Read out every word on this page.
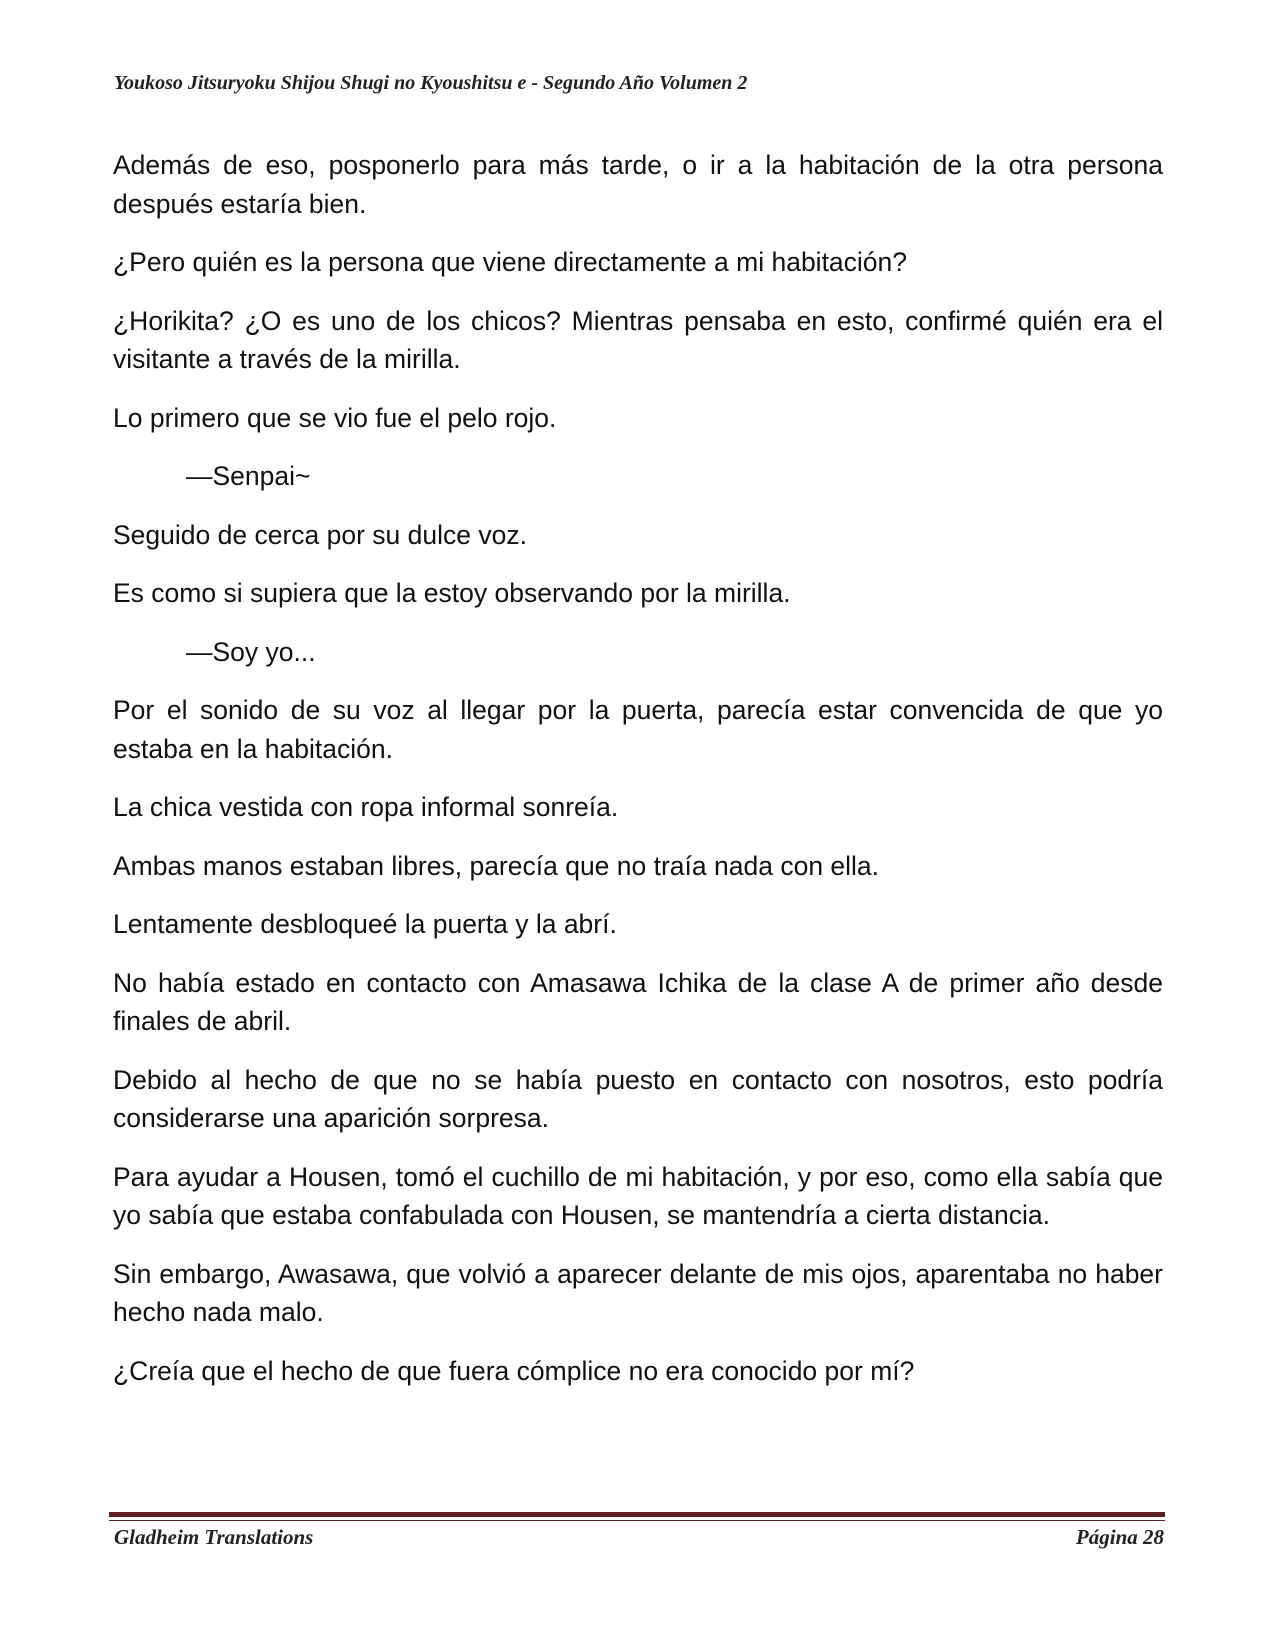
Youkoso Jitsuryoku Shijou Shugi no Kyoushitsu e - Segundo Año Volumen 2

Además de eso, posponerlo para más tarde, o ir a la habitación de la otra persona después estaría bien.

¿Pero quién es la persona que viene directamente a mi habitación?

¿Horikita? ¿O es uno de los chicos? Mientras pensaba en esto, confirmé quién era el visitante a través de la mirilla.

Lo primero que se vio fue el pelo rojo.

—Senpai~

Seguido de cerca por su dulce voz.

Es como si supiera que la estoy observando por la mirilla.

—Soy yo...

Por el sonido de su voz al llegar por la puerta, parecía estar convencida de que yo estaba en la habitación.

La chica vestida con ropa informal sonreía.

Ambas manos estaban libres, parecía que no traía nada con ella.

Lentamente desbloqueé la puerta y la abrí.

No había estado en contacto con Amasawa Ichika de la clase A de primer año desde finales de abril.

Debido al hecho de que no se había puesto en contacto con nosotros, esto podría considerarse una aparición sorpresa.

Para ayudar a Housen, tomó el cuchillo de mi habitación, y por eso, como ella sabía que yo sabía que estaba confabulada con Housen, se mantendría a cierta distancia.

Sin embargo, Awasawa, que volvió a aparecer delante de mis ojos, aparentaba no haber hecho nada malo.

¿Creía que el hecho de que fuera cómplice no era conocido por mí?

Gladheim Translations	Página 28
